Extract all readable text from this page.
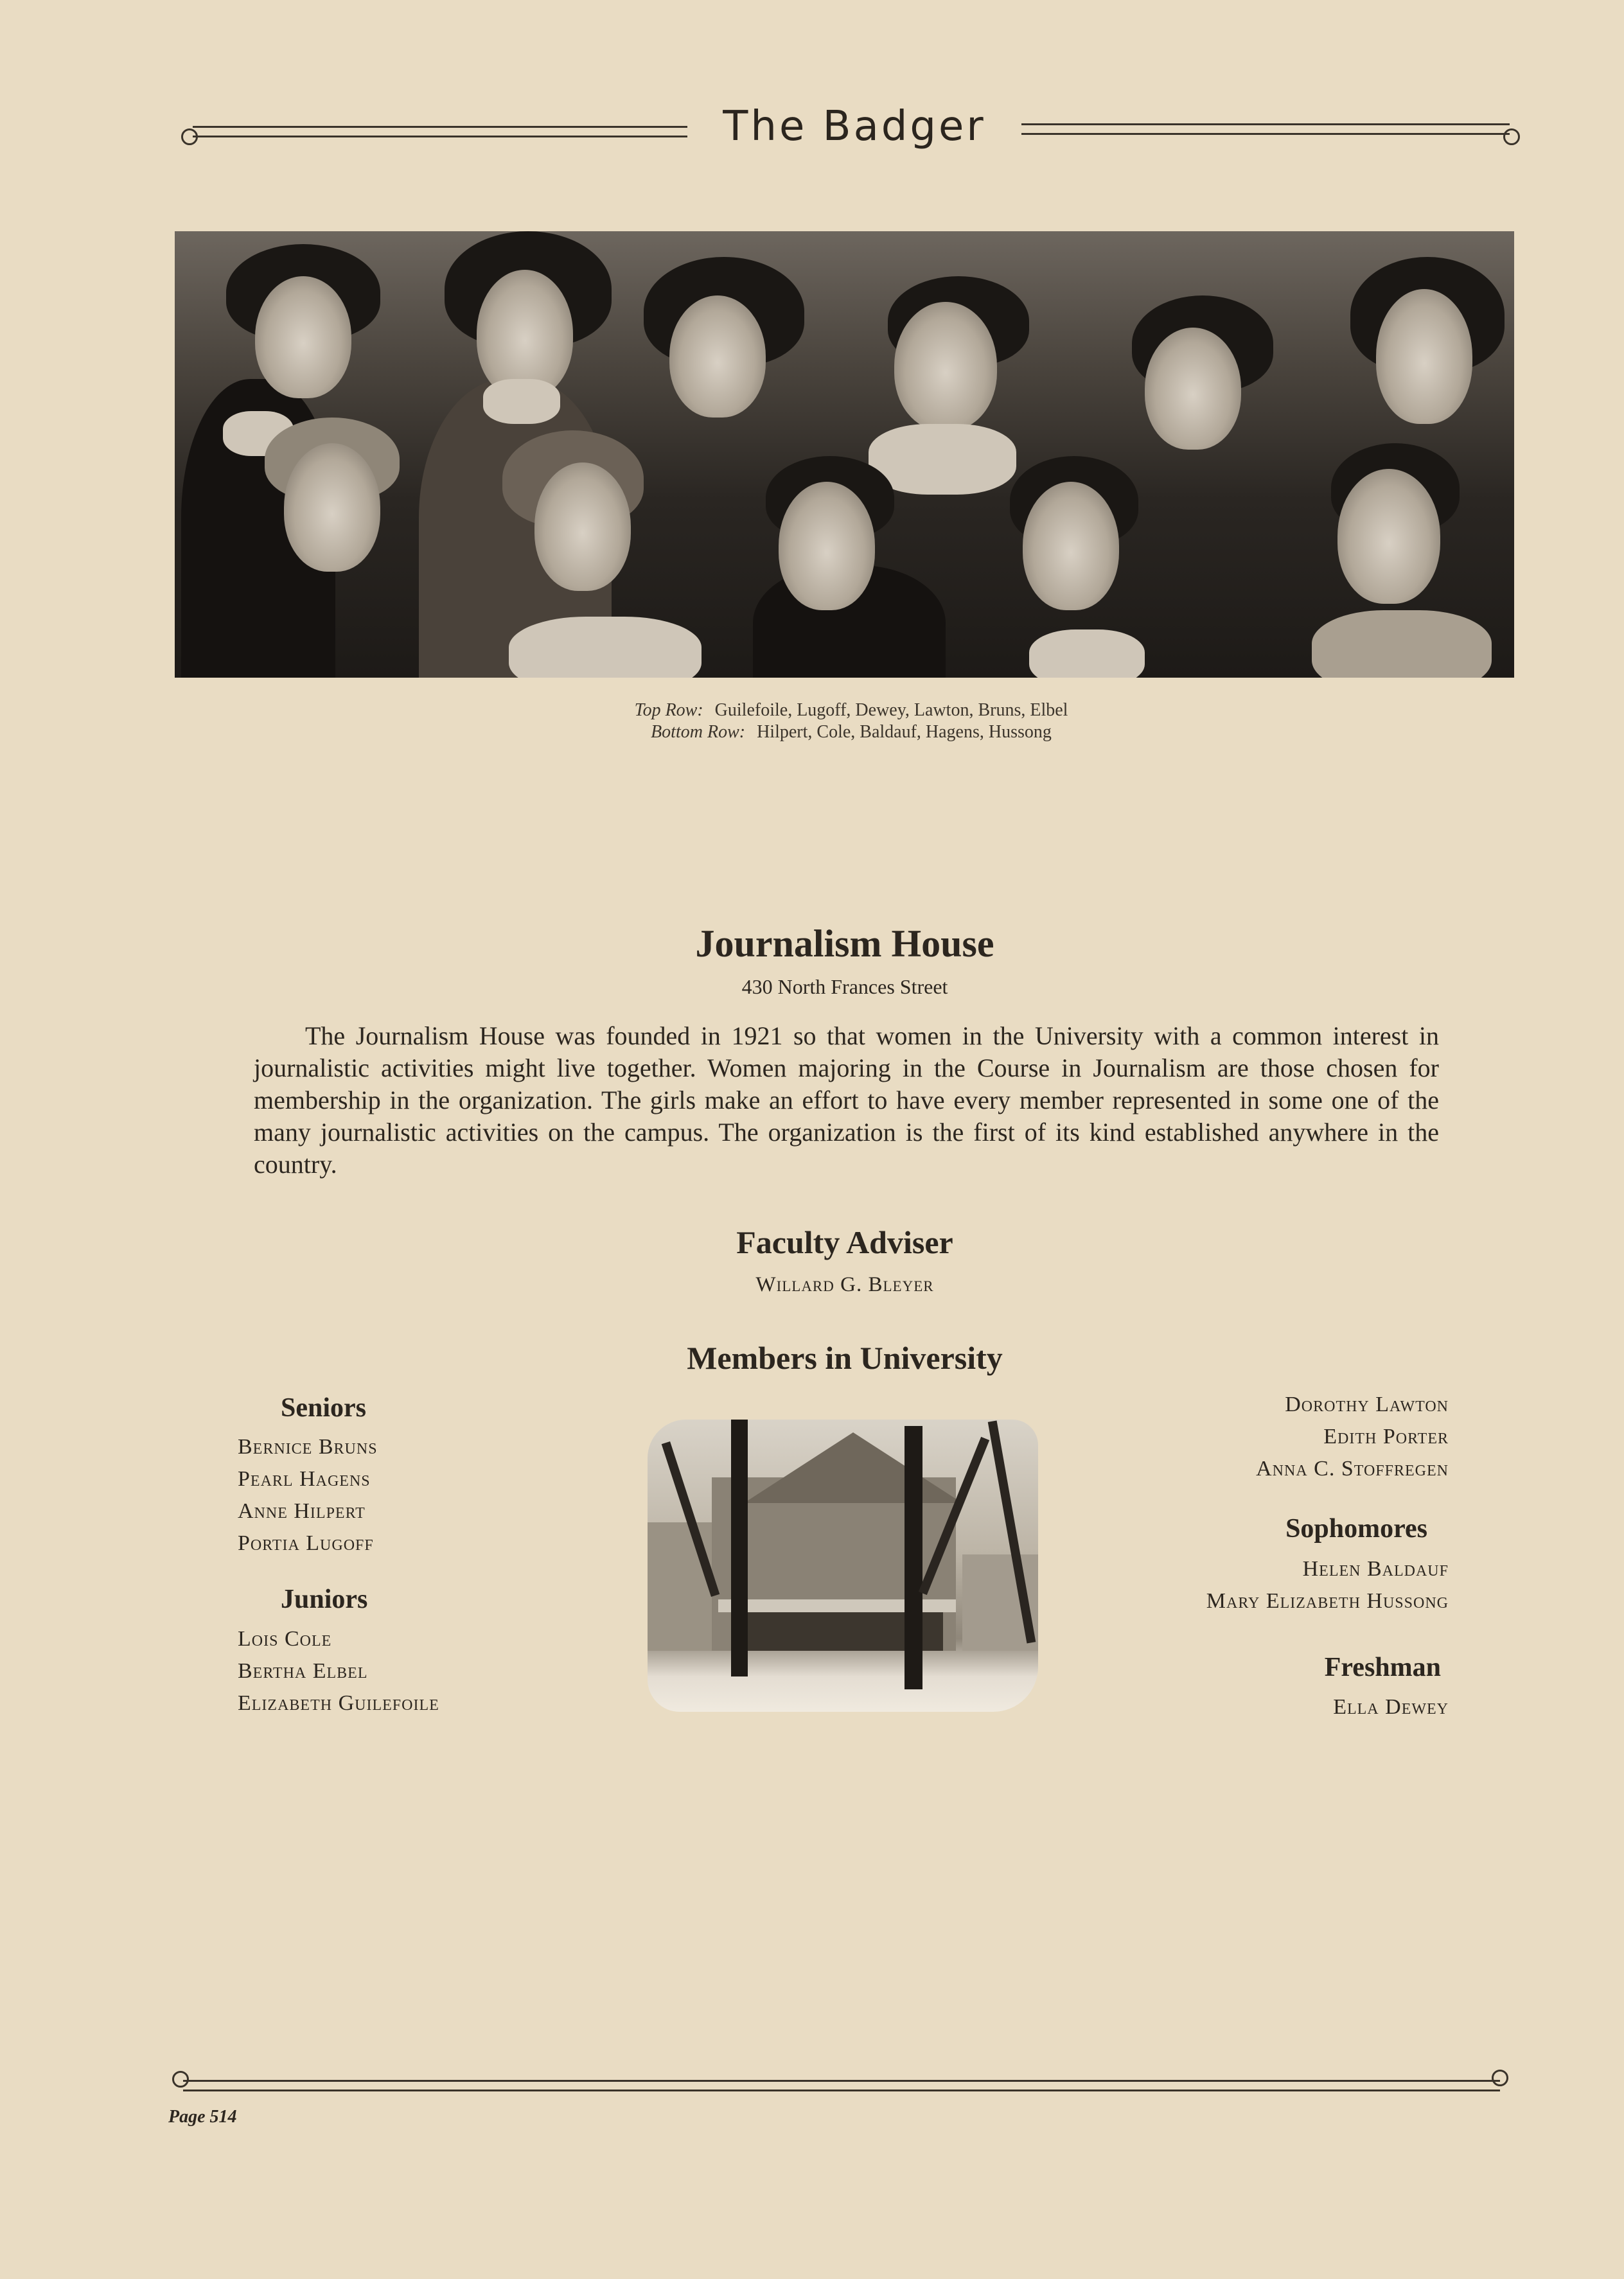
The Badger
Top Row: Guilefoile, Lugoff, Dewey, Lawton, Bruns, Elbel
Bottom Row: Hilpert, Cole, Baldauf, Hagens, Hussong
Journalism House
430 North Frances Street

The Journalism House was founded in 1921 so that women in the University with a common interest in journalistic activities might live together. Women majoring in the Course in Journalism are those chosen for membership in the organization. The girls make an effort to have every member represented in some one of the many journalistic activities on the campus. The organization is the first of its kind established anywhere in the country.

Faculty Adviser
Willard G. Bleyer
Members in University
Seniors
Bernice Bruns
Pearl Hagens
Anne Hilpert
Portia Lugoff
Juniors
Lois Cole
Bertha Elbel
Elizabeth Guilefoile
Dorothy Lawton
Edith Porter
Anna C. Stoffregen
Sophomores
Helen Baldauf
Mary Elizabeth Hussong
Freshman
Ella Dewey
Page 514
